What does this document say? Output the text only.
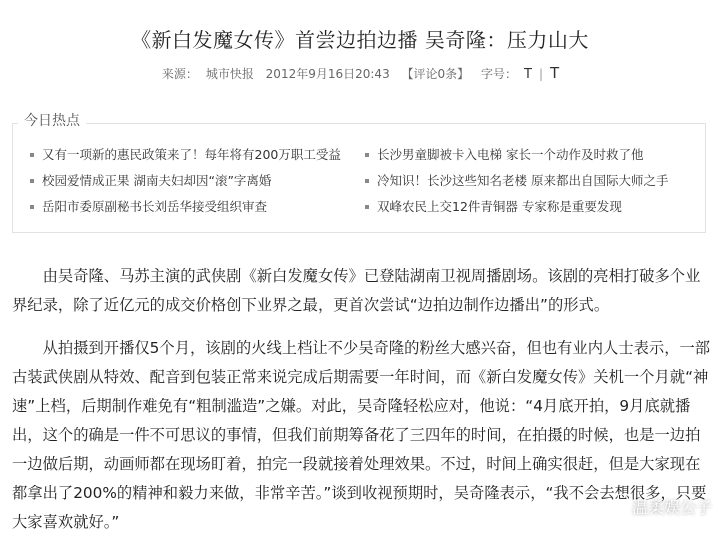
《新白发魔女传》首尝边拍边播 吴奇隆：压力山大
来源： 城市快报 2012年9月16日20:43 【评论0条】 字号： T | T
今日热点
又有一项新的惠民政策来了！每年将有200万职工受益
校园爱情成正果 湖南夫妇却因“滚”字离婚
岳阳市委原副秘书长刘岳华接受组织审查
长沙男童脚被卡入电梯 家长一个动作及时救了他
冷知识！长沙这些知名老楼 原来都出自国际大师之手
双峰农民上交12件青铜器 专家称是重要发现

由吴奇隆、马苏主演的武侠剧《新白发魔女传》已登陆湖南卫视周播剧场。该剧的亮相打破多个业界纪录，除了近亿元的成交价格创下业界之最，更首次尝试“边拍边制作边播出”的形式。

从拍摄到开播仅5个月，该剧的火线上档让不少吴奇隆的粉丝大感兴奋，但也有业内人士表示，一部古装武侠剧从特效、配音到包装正常来说完成后期需要一年时间，而《新白发魔女传》关机一个月就“神速”上档，后期制作难免有“粗制滥造”之嫌。对此，吴奇隆轻松应对，他说：“4月底开拍，9月底就播出，这个的确是一件不可思议的事情，但我们前期筹备花了三四年的时间，在拍摄的时候，也是一边拍一边做后期，动画师都在现场盯着，拍完一段就接着处理效果。不过，时间上确实很赶，但是大家现在都拿出了200%的精神和毅力来做，非常辛苦。”谈到收视预期时，吴奇隆表示，“我不会去想很多，只要大家喜欢就好。”

温柔娱公子
